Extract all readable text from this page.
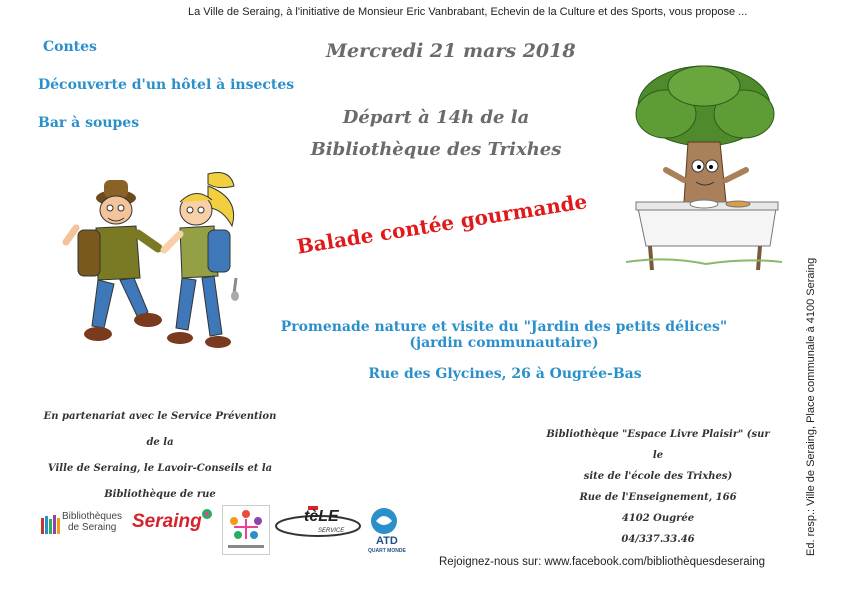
La Ville de Seraing, à l'initiative de Monsieur Eric Vanbrabant, Echevin de la Culture et des Sports, vous propose ...
Contes
Découverte d'un hôtel à insectes
Bar à soupes
Mercredi 21 mars 2018
Départ à 14h de la
Bibliothèque des Trixhes
Balade contée gourmande
Promenade nature et visite du "Jardin des petits délices"
(jardin communautaire)
Rue des Glycines, 26 à Ougrée-Bas
En partenariat avec le Service Prévention de la
Ville de Seraing, le Lavoir-Conseils et la
Bibliothèque de rue
Bibliothèque "Espace Livre Plaisir" (sur le
site de l'école des Trixhes)
Rue de l'Enseignement, 166
4102 Ougrée
04/337.33.46
Bibliothèques
de Seraing Seraing	tèLE
SERVICE
ATD
QUART MONDE
Rejoignez-nous sur: www.facebook.com/bibliothèquesdeseraing
Ed. resp.: Ville de Seraing, Place communale à 4100 Seraing
